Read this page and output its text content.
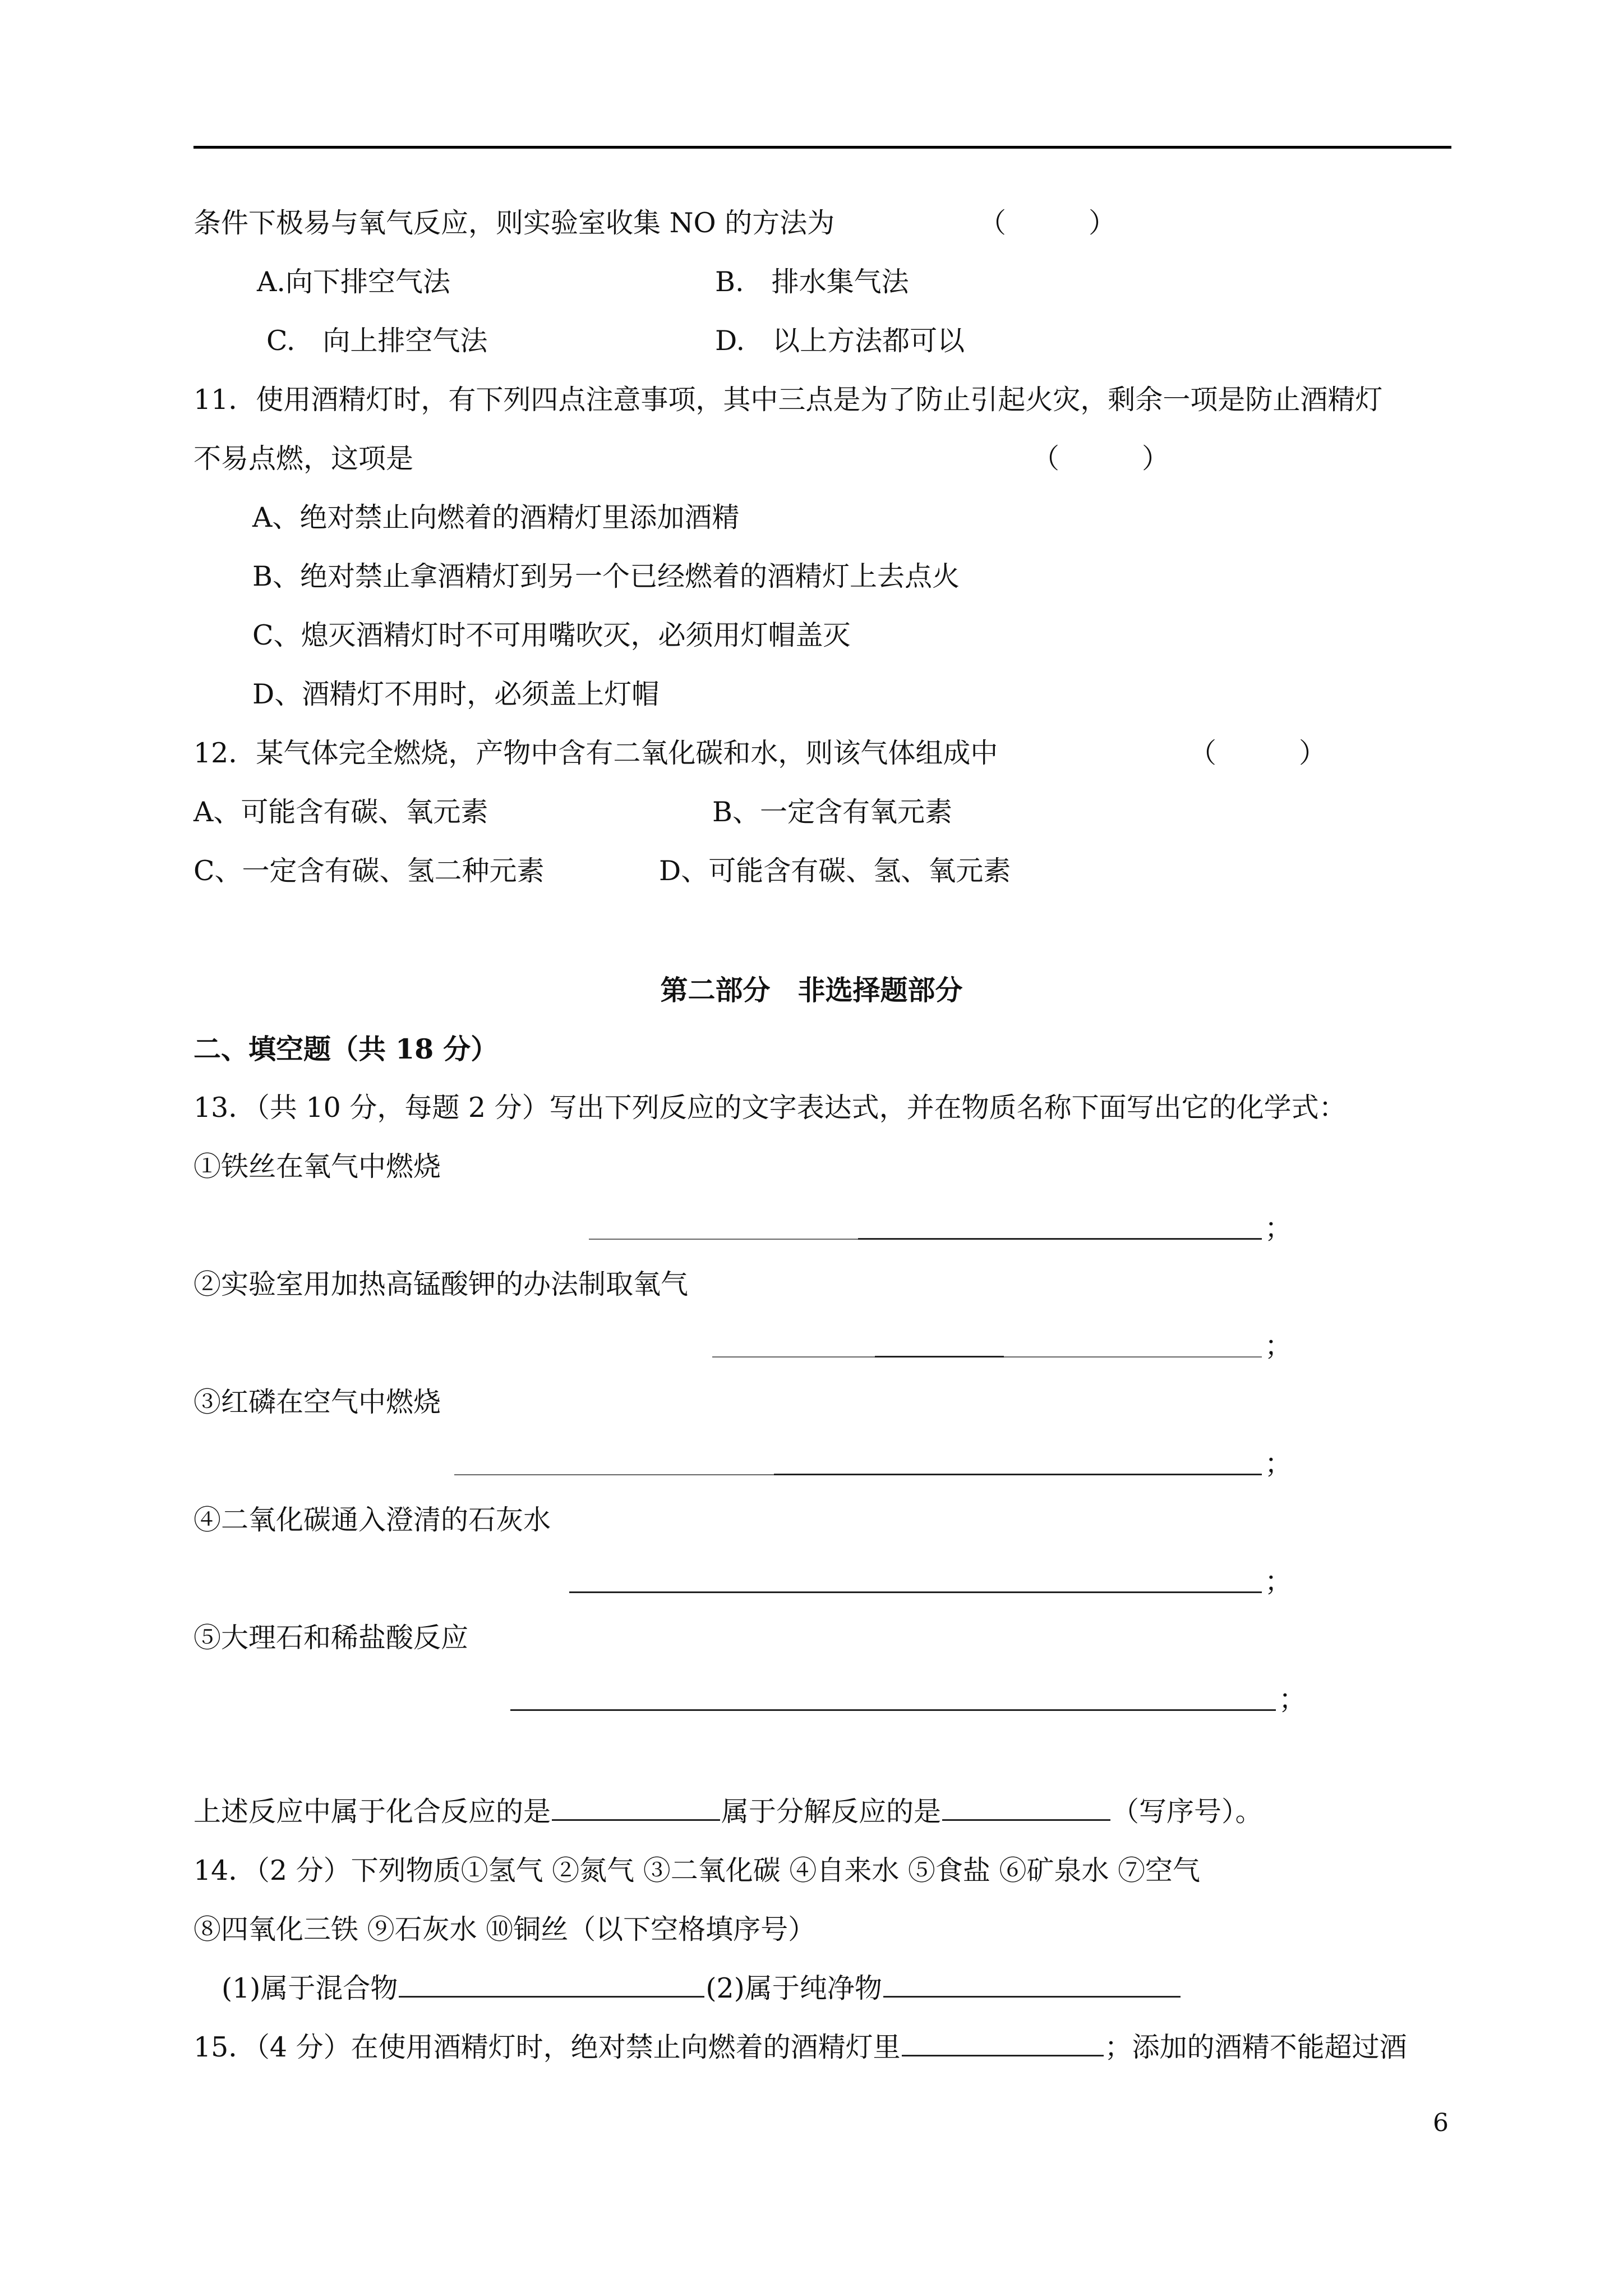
条件下极易与氧气反应，则实验室收集 NO 的方法为	（　　　）
A.向下排空气法	B.　排水集气法
C.　向上排空气法	D.　以上方法都可以
11．使用酒精灯时，有下列四点注意事项，其中三点是为了防止引起火灾，剩余一项是防止酒精灯
不易点燃，这项是	（　　　）
A、绝对禁止向燃着的酒精灯里添加酒精
B、绝对禁止拿酒精灯到另一个已经燃着的酒精灯上去点火
C、熄灭酒精灯时不可用嘴吹灭，必须用灯帽盖灭
D、酒精灯不用时，必须盖上灯帽
12．某气体完全燃烧，产物中含有二氧化碳和水，则该气体组成中	（　　　）
A、可能含有碳、氧元素	B、一定含有氧元素
C、一定含有碳、氢二种元素	D、可能含有碳、氢、氧元素
第二部分　非选择题部分
二、填空题（共 18 分）
13．（共 10 分，每题 2 分）写出下列反应的文字表达式，并在物质名称下面写出它的化学式：
①铁丝在氧气中燃烧
；
②实验室用加热高锰酸钾的办法制取氧气
；
③红磷在空气中燃烧
；
④二氧化碳通入澄清的石灰水
；
⑤大理石和稀盐酸反应
；
上述反应中属于化合反应的是	属于分解反应的是	（写序号）。
14．（2 分）下列物质①氢气 ②氮气 ③二氧化碳 ④自来水 ⑤食盐 ⑥矿泉水 ⑦空气
⑧四氧化三铁 ⑨石灰水 ⑩铜丝（以下空格填序号）
(1)属于混合物	(2)属于纯净物
15．（4 分）在使用酒精灯时，绝对禁止向燃着的酒精灯里	；添加的酒精不能超过酒
6
